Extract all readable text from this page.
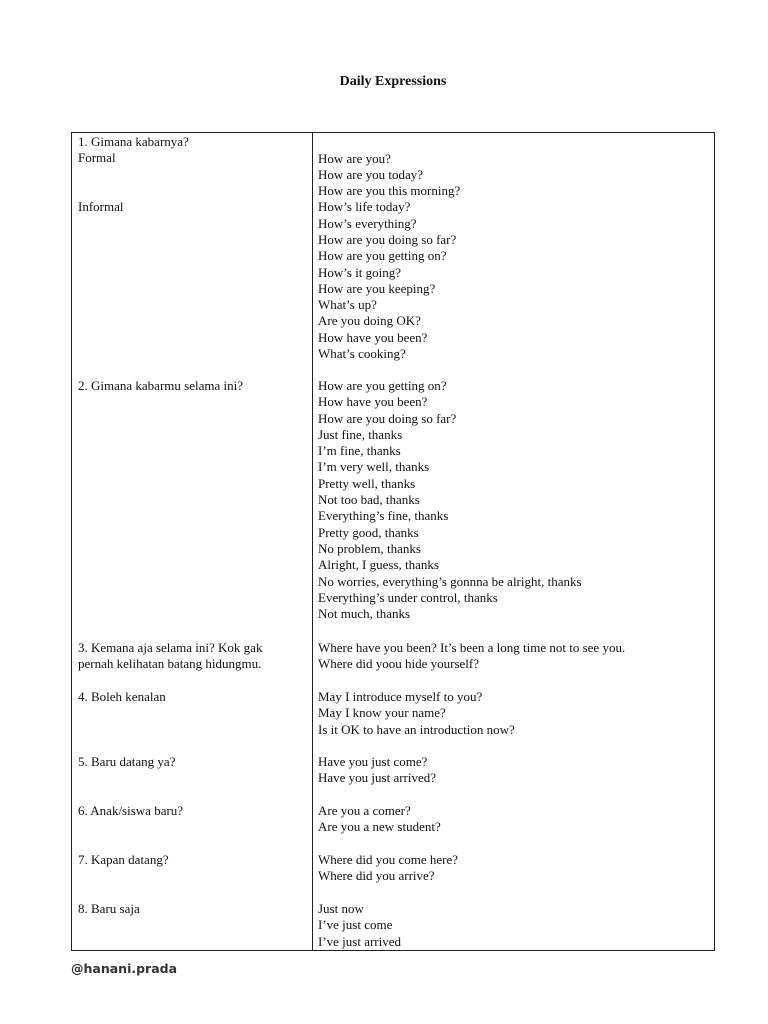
Daily Expressions
1. Gimana kabarnya?
Formal
Informal
2. Gimana kabarmu selama ini?
3. Kemana aja selama ini? Kok gak
pernah kelihatan batang hidungmu.
4. Boleh kenalan
5. Baru datang ya?
6. Anak/siswa baru?
7. Kapan datang?
8. Baru saja
How are you?
How are you today?
How are you this morning?
How’s life today?
How’s everything?
How are you doing so far?
How are you getting on?
How’s it going?
How are you keeping?
What’s up?
Are you doing OK?
How have you been?
What’s cooking?
How are you getting on?
How have you been?
How are you doing so far?
Just fine, thanks
I’m fine, thanks
I’m very well, thanks
Pretty well, thanks
Not too bad, thanks
Everything’s fine, thanks
Pretty good, thanks
No problem, thanks
Alright, I guess, thanks
No worries, everything’s gonnna be alright, thanks
Everything’s under control, thanks
Not much, thanks
Where have you been? It’s been a long time not to see you.
Where did yoou hide yourself?
May I introduce myself to you?
May I know your name?
Is it OK to have an introduction now?
Have you just come?
Have you just arrived?
Are you a comer?
Are you a new student?
Where did you come here?
Where did you arrive?
Just now
I’ve just come
I’ve just arrived
@hanani.prada
